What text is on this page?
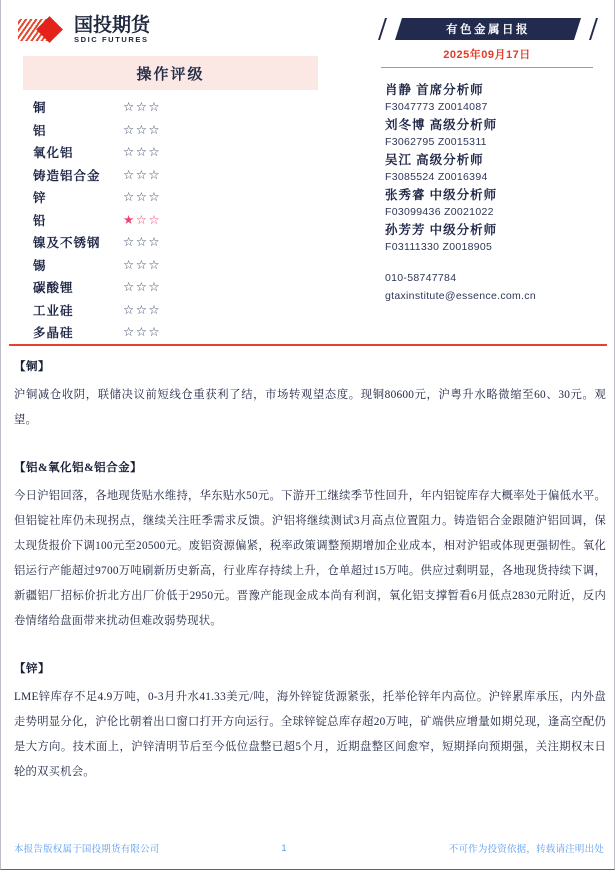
国投期货
SDIC FUTURES
操作评级
铜	☆☆☆
铝	☆☆☆
氧化铝	☆☆☆
铸造铝合金	☆☆☆
锌	☆☆☆
铅	★☆☆
镍及不锈钢	☆☆☆
锡	☆☆☆
碳酸锂	☆☆☆
工业硅	☆☆☆
多晶硅	☆☆☆
有色金属日报
2025年09月17日
肖静 首席分析师
F3047773 Z0014087
刘冬博 高级分析师
F3062795 Z0015311
吴江 高级分析师
F3085524 Z0016394
张秀睿 中级分析师
F03099436 Z0021022
孙芳芳 中级分析师
F03111330 Z0018905
010-58747784
gtaxinstitute@essence.com.cn
【铜】
沪铜减仓收阴，联储决议前短线仓重获利了结，市场转观望态度。现铜80600元，沪粤升水略微缩至60、30元。观望。
【铝&氧化铝&铝合金】
今日沪铝回落，各地现货贴水维持，华东贴水50元。下游开工继续季节性回升，年内铝锭库存大概率处于偏低水平。但铝锭社库仍未现拐点，继续关注旺季需求反馈。沪铝将继续测试3月高点位置阻力。铸造铝合金跟随沪铝回调，保太现货报价下调100元至20500元。废铝资源偏紧，税率政策调整预期增加企业成本，相对沪铝或体现更强韧性。氧化铝运行产能超过9700万吨刷新历史新高，行业库存持续上升，仓单超过15万吨。供应过剩明显，各地现货持续下调，新疆铝厂招标价折北方出厂价低于2950元。晋豫产能现金成本尚有利润，氧化铝支撑暂看6月低点2830元附近，反内卷情绪给盘面带来扰动但难改弱势现状。
【锌】
LME锌库存不足4.9万吨，0-3月升水41.33美元/吨，海外锌锭货源紧张，托举伦锌年内高位。沪锌累库承压，内外盘走势明显分化，沪伦比朝着出口窗口打开方向运行。全球锌锭总库存超20万吨，矿端供应增量如期兑现，逢高空配仍是大方向。技术面上，沪锌清明节后至今低位盘整已超5个月，近期盘整区间愈窄，短期择向预期强，关注期权末日轮的双买机会。
本报告版权属于国投期货有限公司	1	不可作为投资依据，转载请注明出处
